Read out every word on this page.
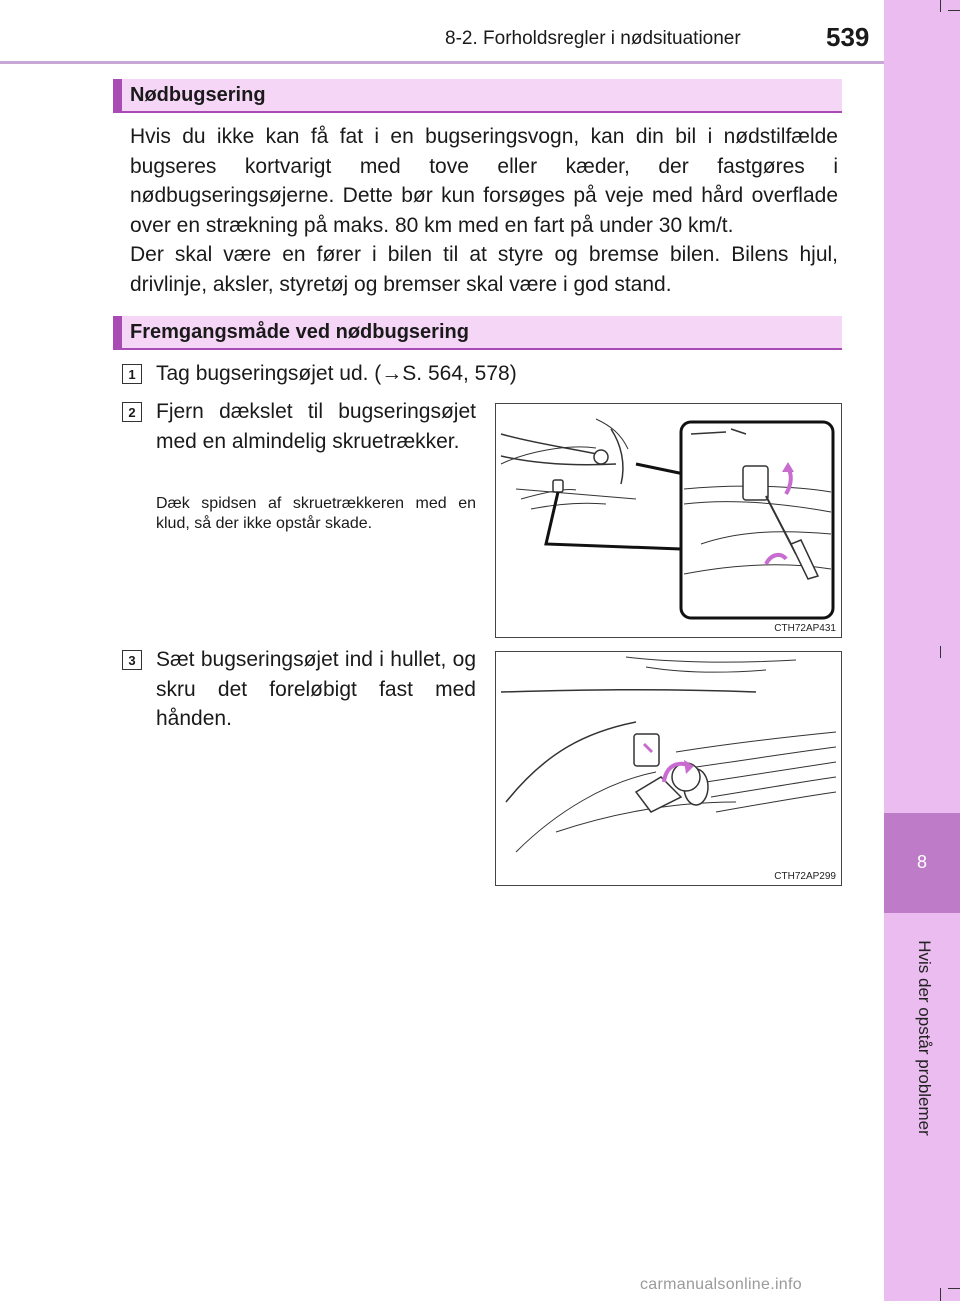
8
Hvis der opstår problemer
8-2. Forholdsregler i nødsituationer	539
Nødbugsering

Hvis du ikke kan få fat i en bugseringsvogn, kan din bil i nødstilfælde bugseres kortvarigt med tove eller kæder, der fastgøres i nødbugseringsøjerne. Dette bør kun forsøges på veje med hård overflade over en strækning på maks. 80 km med en fart på under 30 km/t.

Der skal være en fører i bilen til at styre og bremse bilen. Bilens hjul, drivlinje, aksler, styretøj og bremser skal være i god stand.

Fremgangsmåde ved nødbugsering
1 Tag bugseringsøjet ud. (→S. 564, 578)
2 Fjern dækslet til bugseringsøjet med en almindelig skruetrækker.
Dæk spidsen af skruetrækkeren med en klud, så der ikke opstår skade.
3 Sæt bugseringsøjet ind i hullet, og skru det foreløbigt fast med hånden.
CTH72AP431
CTH72AP299
carmanualsonline.info
